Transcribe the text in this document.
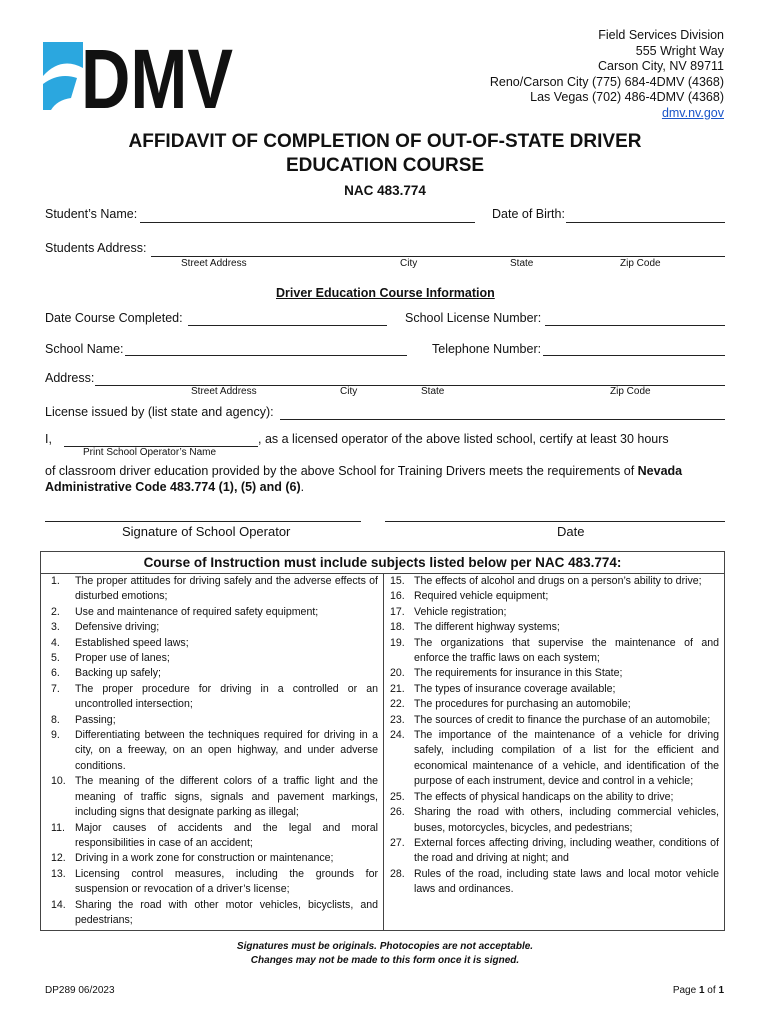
DMV	Field Services Division
555 Wright Way
Carson City, NV 89711
Reno/Carson City (775) 684-4DMV (4368)
Las Vegas (702) 486-4DMV (4368)
dmv.nv.gov
AFFIDAVIT OF COMPLETION OF OUT-OF-STATE DRIVER
EDUCATION COURSE
NAC 483.774
Student’s Name:	Date of Birth:
Students Address:
Street Address	City	State	Zip Code
Driver Education Course Information
Date Course Completed:	School License Number:
School Name:	Telephone Number:
Address:
Street Address	City	State	Zip Code
License issued by (list state and agency):
I,	, as a licensed operator of the above listed school, certify at least 30 hours
Print School Operator’s Name
of classroom driver education provided by the above School for Training Drivers meets the requirements of Nevada Administrative Code 483.774 (1), (5) and (6).
Signature of School Operator	Date
Course of Instruction must include subjects listed below per NAC 483.774:
1. The proper attitudes for driving safely and the adverse effects of disturbed emotions;
2. Use and maintenance of required safety equipment;
3. Defensive driving;
4. Established speed laws;
5. Proper use of lanes;
6. Backing up safely;
7. The proper procedure for driving in a controlled or an uncontrolled intersection;
8. Passing;
9. Differentiating between the techniques required for driving in a city, on a freeway, on an open highway, and under adverse conditions.
10. The meaning of the different colors of a traffic light and the meaning of traffic signs, signals and pavement markings, including signs that designate parking as illegal;
11. Major causes of accidents and the legal and moral responsibilities in case of an accident;
12. Driving in a work zone for construction or maintenance;
13. Licensing control measures, including the grounds for suspension or revocation of a driver’s license;
14. Sharing the road with other motor vehicles, bicyclists, and pedestrians;
15. The effects of alcohol and drugs on a person’s ability to drive;
16. Required vehicle equipment;
17. Vehicle registration;
18. The different highway systems;
19. The organizations that supervise the maintenance of and enforce the traffic laws on each system;
20. The requirements for insurance in this State;
21. The types of insurance coverage available;
22. The procedures for purchasing an automobile;
23. The sources of credit to finance the purchase of an automobile;
24. The importance of the maintenance of a vehicle for driving safely, including compilation of a list for the efficient and economical maintenance of a vehicle, and identification of the purpose of each instrument, device and control in a vehicle;
25. The effects of physical handicaps on the ability to drive;
26. Sharing the road with others, including commercial vehicles, buses, motorcycles, bicycles, and pedestrians;
27. External forces affecting driving, including weather, conditions of the road and driving at night; and
28. Rules of the road, including state laws and local motor vehicle laws and ordinances.
Signatures must be originals. Photocopies are not acceptable.
Changes may not be made to this form once it is signed.
DP289 06/2023	Page 1 of 1
